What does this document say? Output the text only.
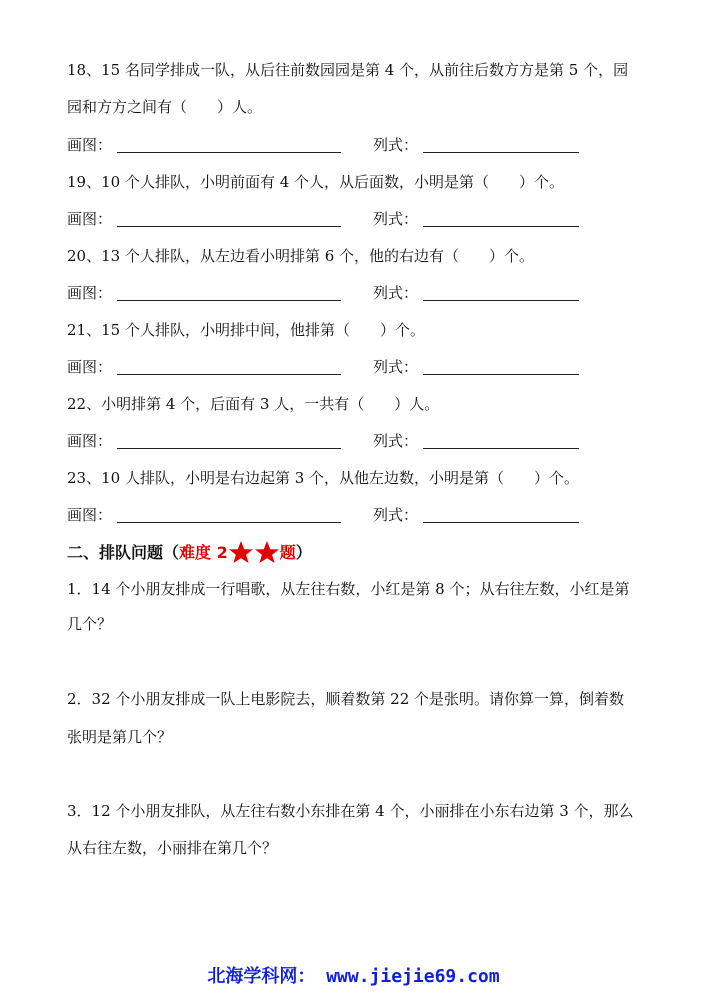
18、15 名同学排成一队，从后往前数园园是第 4 个，从前往后数方方是第 5 个，园
园和方方之间有（　　）人。
画图：	列式：
19、10 个人排队，小明前面有 4 个人，从后面数，小明是第（　　）个。
画图：	列式：
20、13 个人排队，从左边看小明排第 6 个，他的右边有（　　）个。
画图：	列式：
21、15 个人排队，小明排中间，他排第（　　）个。
画图：	列式：
22、小明排第 4 个，后面有 3 人，一共有（　　）人。
画图：	列式：
23、10 人排队，小明是右边起第 3 个，从他左边数，小明是第（　　）个。
画图：	列式：
二、排队问题（难度 2	题）
1．14 个小朋友排成一行唱歌，从左往右数，小红是第 8 个；从右往左数，小红是第
几个？
2．32 个小朋友排成一队上电影院去，顺着数第 22 个是张明。请你算一算，倒着数
张明是第几个？
3．12 个小朋友排队，从左往右数小东排在第 4 个，小丽排在小东右边第 3 个，那么
从右往左数，小丽排在第几个？
北海学科网： www.jiejie69.com
